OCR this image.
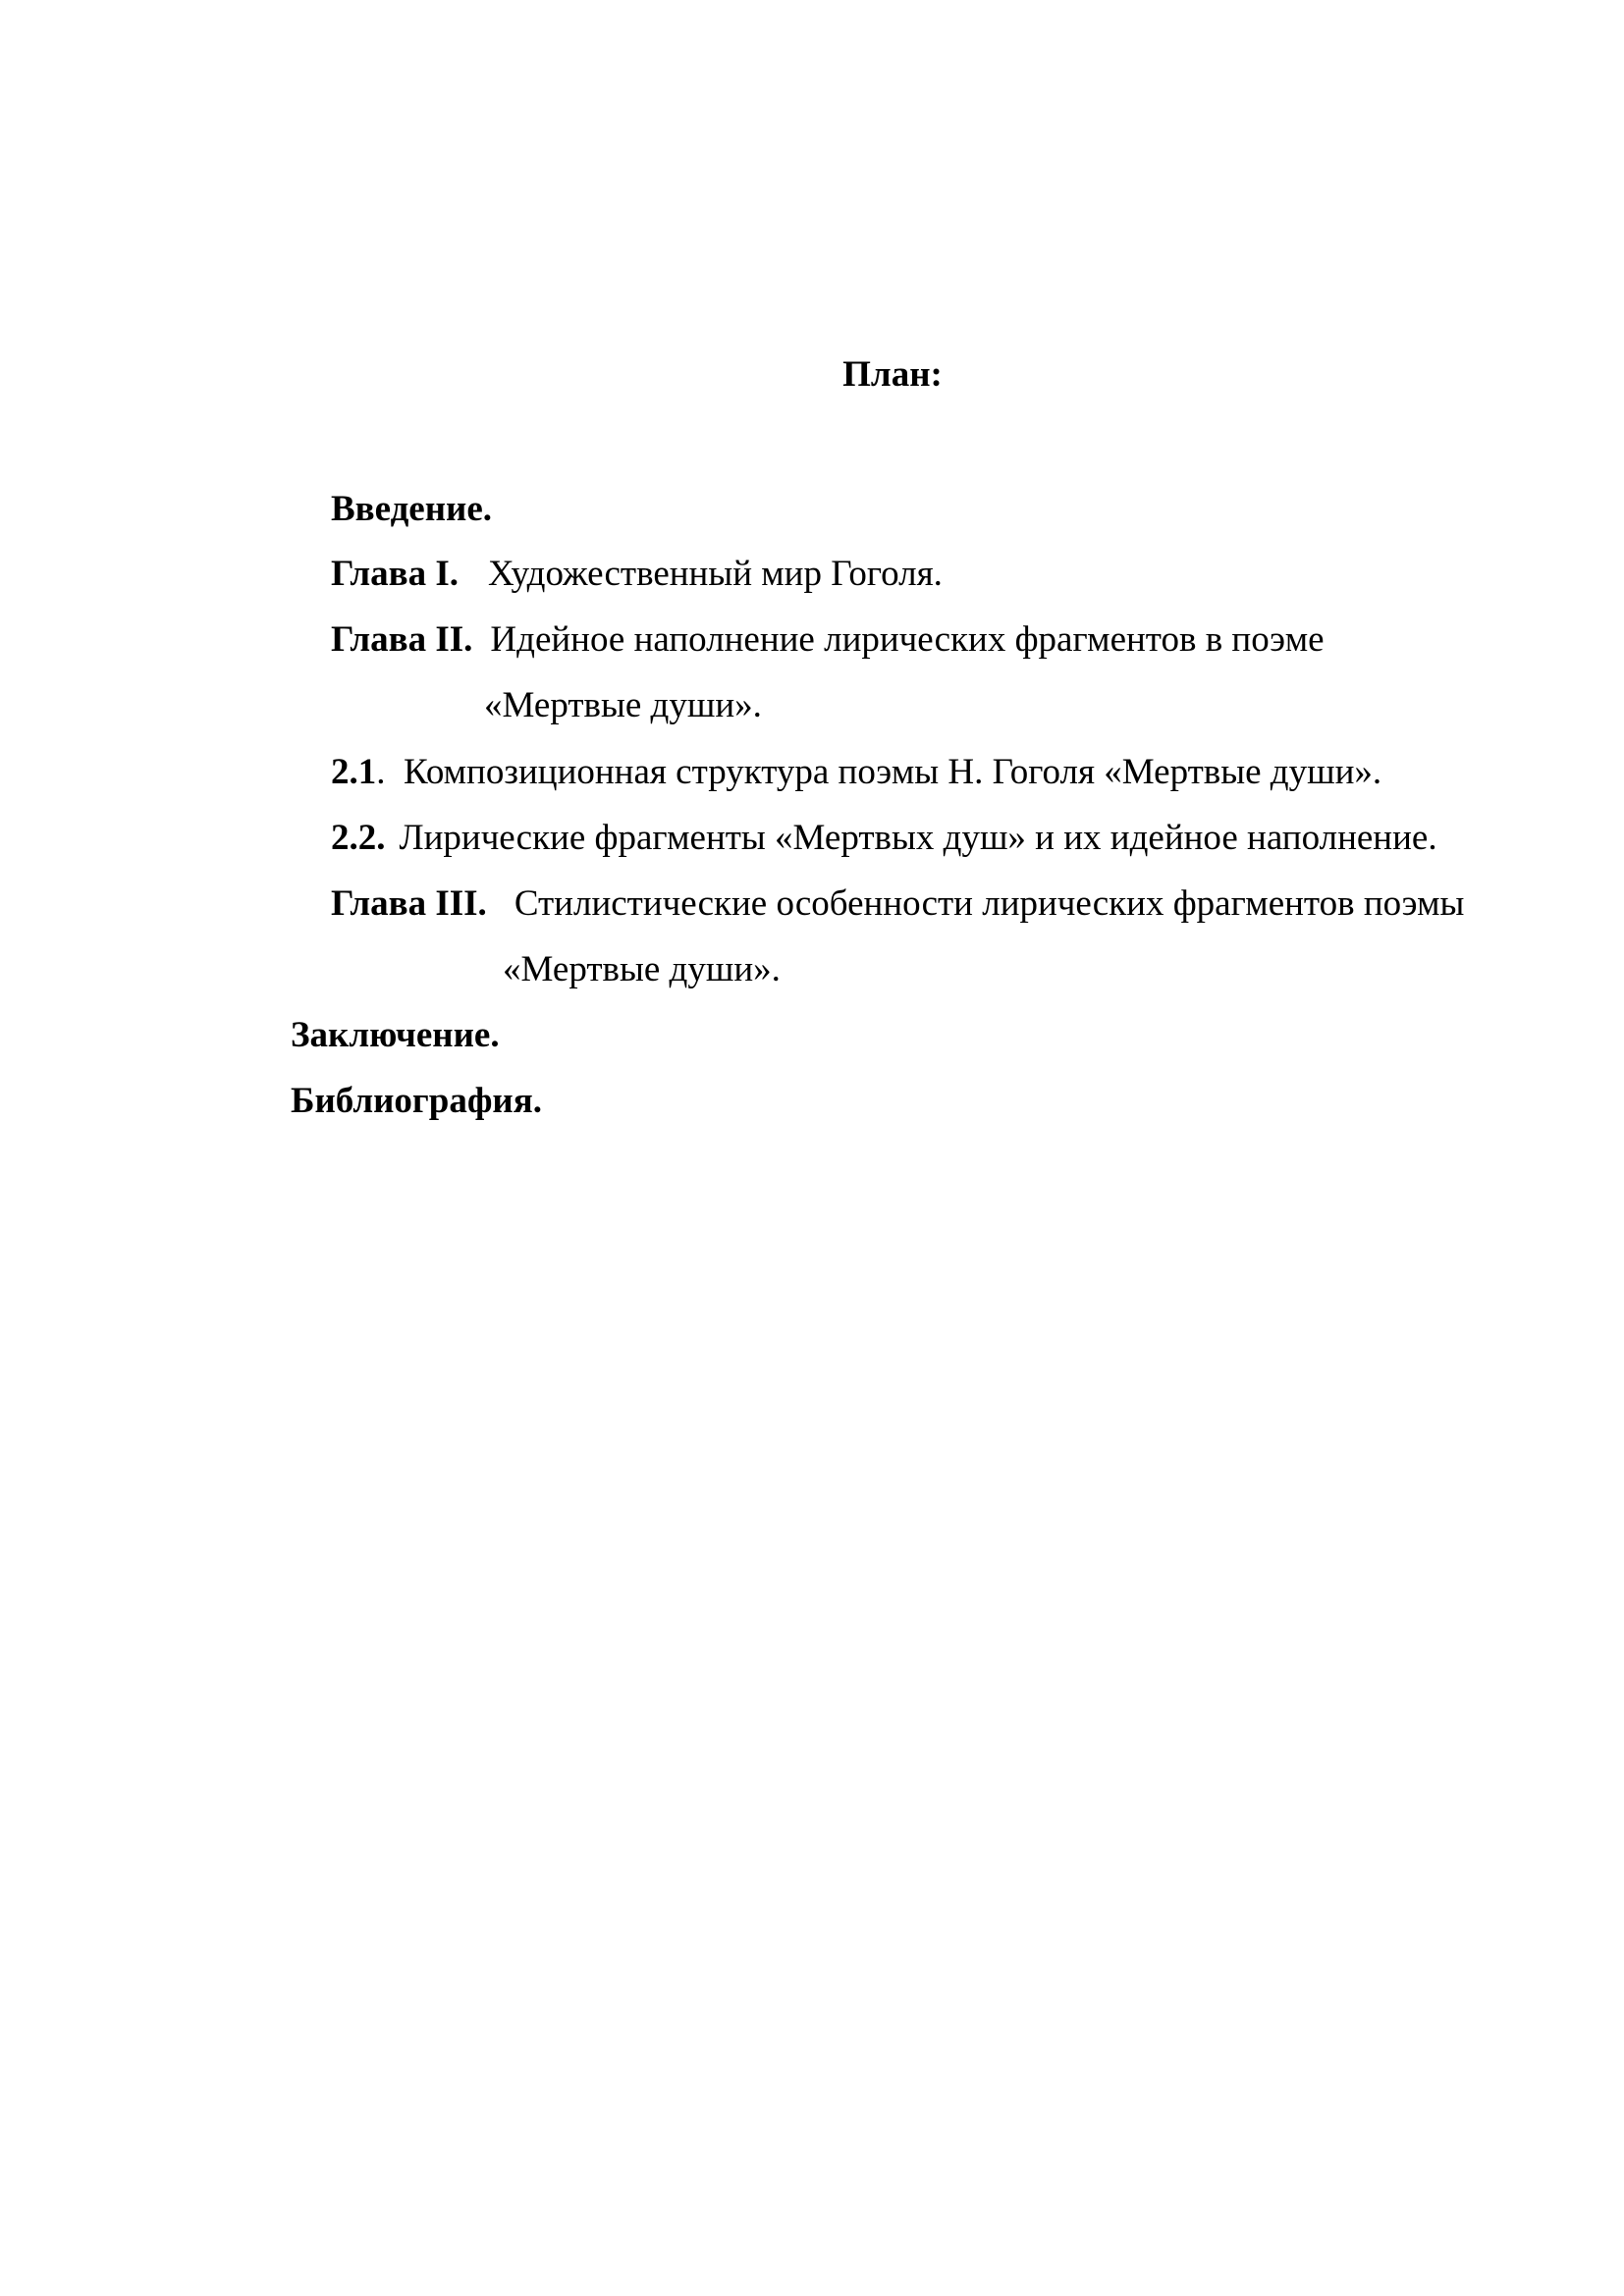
План:
Введение.
Глава I. Художественный мир Гоголя.
Глава II. Идейное наполнение лирических фрагментов в поэме
«Мертвые души».
2.1.  Композиционная структура поэмы Н. Гоголя «Мертвые души».
2.2. Лирические фрагменты «Мертвых душ» и их идейное наполнение.
Глава III. Стилистические особенности лирических фрагментов поэмы
«Мертвые души».
Заключение.
Библиография.
